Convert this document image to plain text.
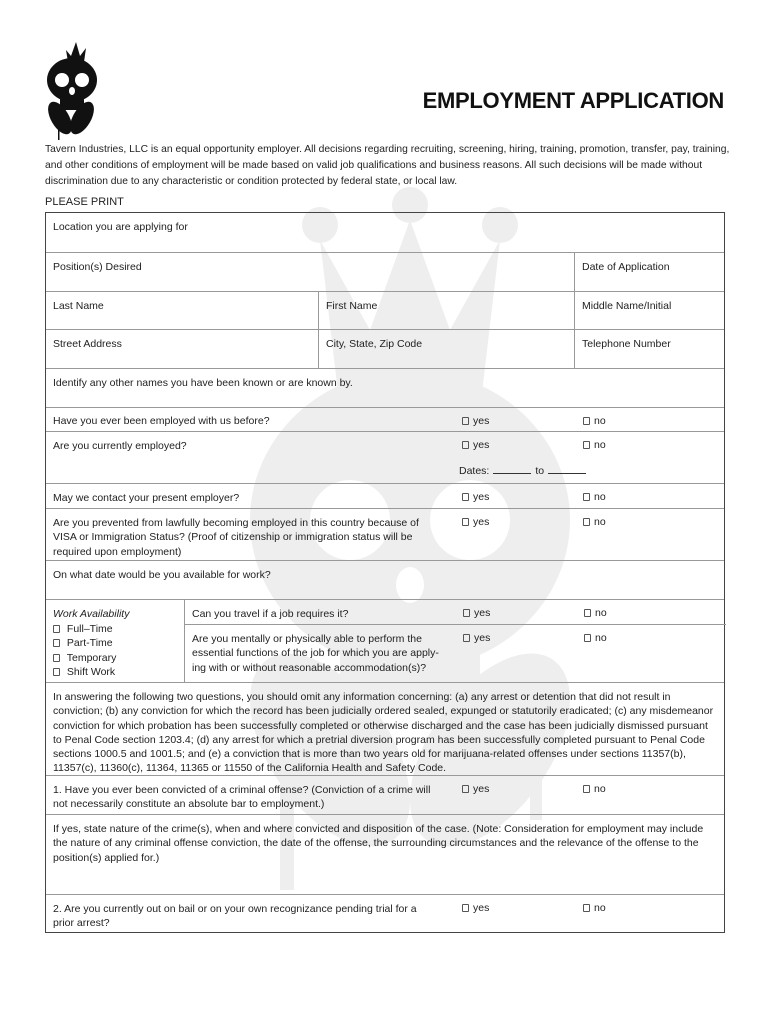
EMPLOYMENT APPLICATION

Tavern Industries, LLC is an equal opportunity employer. All decisions regarding recruiting, screening, hiring, training, promotion, transfer, pay, training, and other conditions of employment will be made based on valid job qualifications and business reasons. All such decisions will be made without discrimination due to any characteristic or condition protected by federal state, or local law.

PLEASE PRINT
Location you are applying for
Position(s) Desired	Date of Application
Last Name	First Name	Middle Name/Initial
Street Address	City, State, Zip Code	Telephone Number
Identify any other names you have been known or are known by.
Have you ever been employed with us before?	yes	no
Are you currently employed?	yes	no
Dates:	to
May we contact your present employer?	yes	no
Are you prevented from lawfully becoming employed in this country because of VISA or Immigration Status? (Proof of citizenship or immigration status will be required upon employment)
yes	no
On what date would be you available for work?
Work Availability
Full–Time
Part-Time
Temporary
Shift Work
Can you travel if a job requires it?	yes	no
Are you mentally or physically able to perform the essential functions of the job for which you are apply-ing with or without reasonable accommodation(s)?
yes	no
In answering the following two questions, you should omit any information concerning: (a) any arrest or detention that did not result in conviction; (b) any conviction for which the record has been judicially ordered sealed, expunged or statutorily eradicated; (c) any misdemeanor conviction for which probation has been successfully completed or otherwise discharged and the case has been judicially dismissed pursuant to Penal Code section 1203.4; (d) any arrest for which a pretrial diversion program has been successfully completed pursuant to Penal Code sections 1000.5 and 1001.5; and (e) a conviction that is more than two years old for marijuana-related offenses under sections 11357(b), 11357(c), 11360(c), 11364, 11365 or 11550 of the California Health and Safety Code.
1. Have you ever been convicted of a criminal offense? (Conviction of a crime will not necessarily constitute an absolute bar to employment.)
yes	no
If yes, state nature of the crime(s), when and where convicted and disposition of the case. (Note: Consideration for employment may include the nature of any criminal offense conviction, the date of the offense, the surrounding circumstances and the relevance of the offense to the position(s) applied for.)
2. Are you currently out on bail or on your own recognizance pending trial for a prior arrest?
yes	no
